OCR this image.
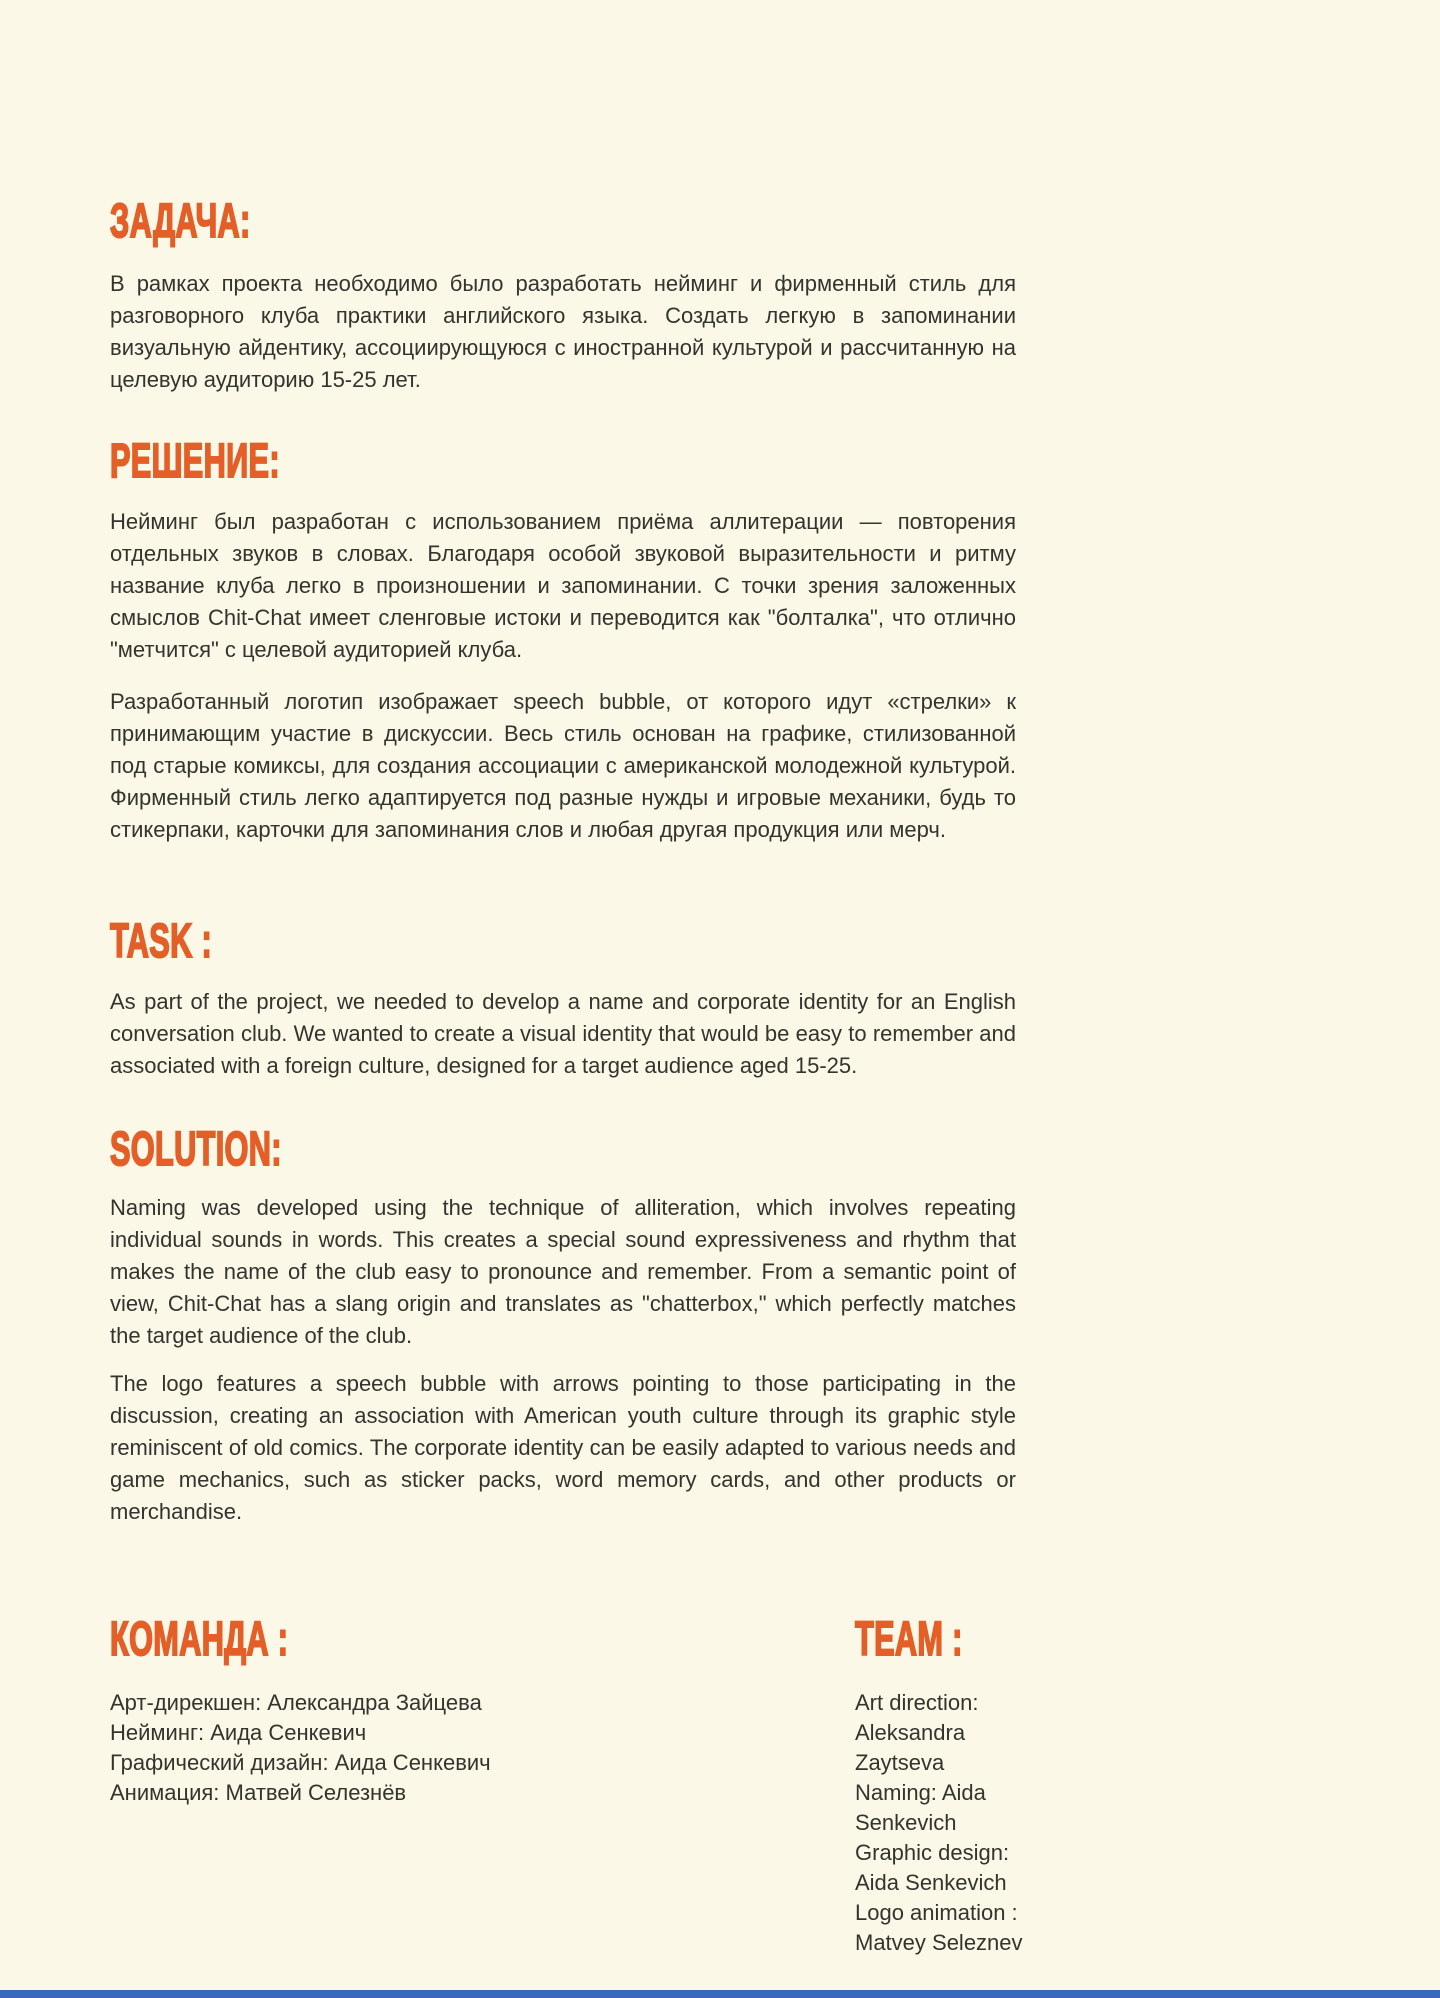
ЗАДАЧА:

В рамках проекта необходимо было разработать нейминг и фирменный стиль для разговорного клуба практики английского языка. Создать легкую в запоминании визуальную айдентику, ассоциирующуюся с иностранной культурой и рассчитанную на целевую аудиторию 15-25 лет.

РЕШЕНИЕ:

Нейминг был разработан с использованием приёма аллитерации — повторения отдельных звуков в словах. Благодаря особой звуковой выразительности и ритму название клуба легко в произношении и запоминании. С точки зрения заложенных смыслов Chit-Chat имеет сленговые истоки и переводится как "болталка", что отлично "метчится" с целевой аудиторией клуба.

Разработанный логотип изображает speech bubble, от которого идут «стрелки» к принимающим участие в дискуссии. Весь стиль основан на графике, стилизованной под старые комиксы, для создания ассоциации с американской молодежной культурой. Фирменный стиль легко адаптируется под разные нужды и игровые механики, будь то стикерпаки, карточки для запоминания слов и любая другая продукция или мерч.

TASK :

As part of the project, we needed to develop a name and corporate identity for an English conversation club. We wanted to create a visual identity that would be easy to remember and associated with a foreign culture, designed for a target audience aged 15-25.

SOLUTION:

Naming was developed using the technique of alliteration, which involves repeating individual sounds in words. This creates a special sound expressiveness and rhythm that makes the name of the club easy to pronounce and remember. From a semantic point of view, Chit-Chat has a slang origin and translates as "chatterbox," which perfectly matches the target audience of the club.

The logo features a speech bubble with arrows pointing to those participating in the discussion, creating an association with American youth culture through its graphic style reminiscent of old comics. The corporate identity can be easily adapted to various needs and game mechanics, such as sticker packs, word memory cards, and other products or merchandise.

КОМАНДА :
Арт-дирекшен: Александра Зайцева
Нейминг: Аида Сенкевич
Графический дизайн: Аида Сенкевич
Анимация: Матвей Селезнёв
TEAM :
Art direction: Aleksandra Zaytseva
Naming: Aida Senkevich
Graphic design: Aida Senkevich
Logo animation : Matvey Seleznev
